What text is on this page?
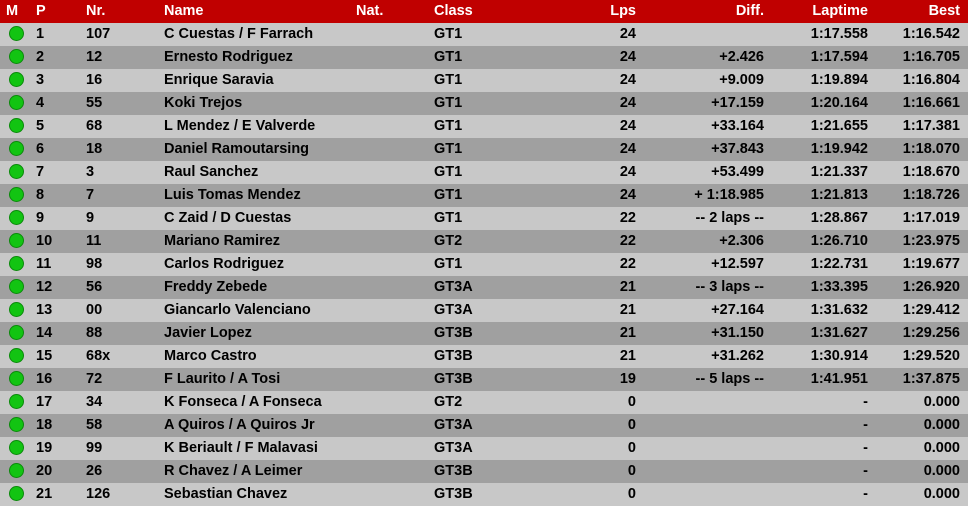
M	P	Nr.	Name	Nat.	Class	Lps	Diff.	Laptime	Best
	1	107	C Cuestas / F Farrach		GT1	24		1:17.558	1:16.542
	2	12	Ernesto Rodriguez		GT1	24	+2.426	1:17.594	1:16.705
	3	16	Enrique Saravia		GT1	24	+9.009	1:19.894	1:16.804
	4	55	Koki Trejos		GT1	24	+17.159	1:20.164	1:16.661
	5	68	L Mendez / E Valverde		GT1	24	+33.164	1:21.655	1:17.381
	6	18	Daniel Ramoutarsing		GT1	24	+37.843	1:19.942	1:18.070
	7	3	Raul Sanchez		GT1	24	+53.499	1:21.337	1:18.670
	8	7	Luis Tomas Mendez		GT1	24	+ 1:18.985	1:21.813	1:18.726
	9	9	C Zaid / D Cuestas		GT1	22	-- 2 laps --	1:28.867	1:17.019
	10	11	Mariano Ramirez		GT2	22	+2.306	1:26.710	1:23.975
	11	98	Carlos Rodriguez		GT1	22	+12.597	1:22.731	1:19.677
	12	56	Freddy Zebede		GT3A	21	-- 3 laps --	1:33.395	1:26.920
	13	00	Giancarlo Valenciano		GT3A	21	+27.164	1:31.632	1:29.412
	14	88	Javier Lopez		GT3B	21	+31.150	1:31.627	1:29.256
	15	68x	Marco Castro		GT3B	21	+31.262	1:30.914	1:29.520
	16	72	F Laurito / A Tosi		GT3B	19	-- 5 laps --	1:41.951	1:37.875
	17	34	K Fonseca / A Fonseca		GT2	0		-	0.000
	18	58	A Quiros / A Quiros Jr		GT3A	0		-	0.000
	19	99	K Beriault / F Malavasi		GT3A	0		-	0.000
	20	26	R Chavez / A Leimer		GT3B	0		-	0.000
	21	126	Sebastian Chavez		GT3B	0		-	0.000
